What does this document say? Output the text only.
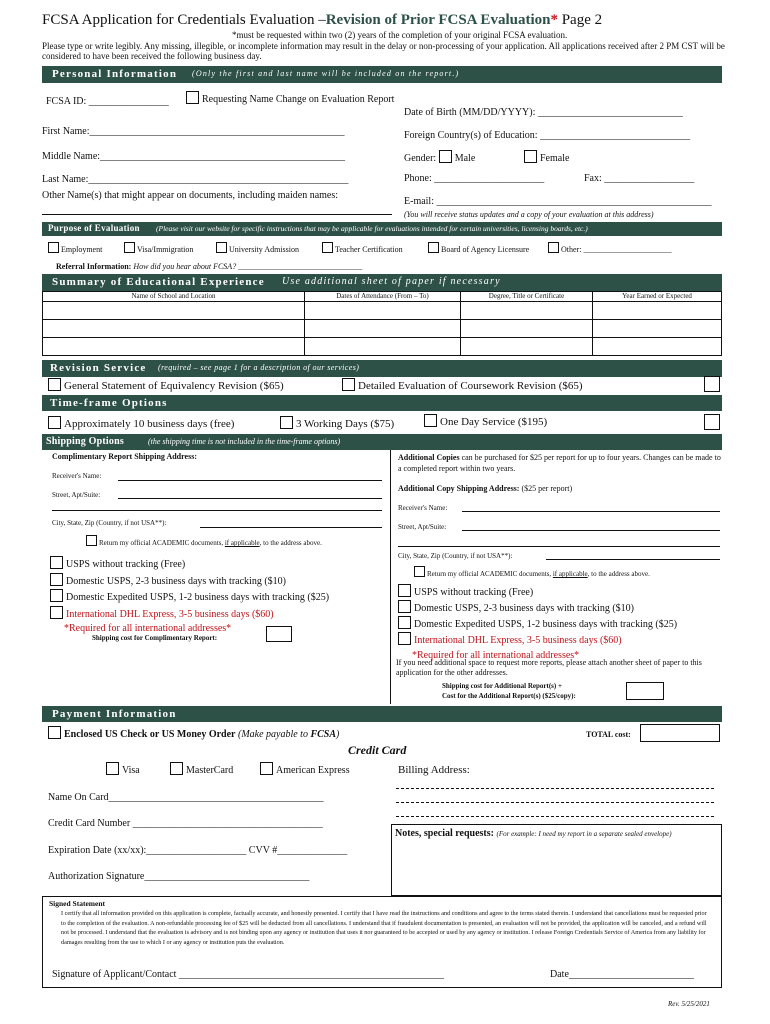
FCSA Application for Credentials Evaluation –Revision of Prior FCSA Evaluation* Page 2
*must be requested within two (2) years of the completion of your original FCSA evaluation.
Please type or write legibly. Any missing, illegible, or incomplete information may result in the delay or non-processing of your application. All applications received after 2 PM CST will be considered to have been received the following business day.
Personal Information (Only the first and last name will be included on the report.)
FCSA ID: ________________	Requesting Name Change on Evaluation Report
Date of Birth (MM/DD/YYYY): _____________________________
First Name:___________________________________________________	Foreign Country(s) of Education: ______________________________
Middle Name:_________________________________________________	Gender: Male	Female
Last Name:____________________________________________________	Phone: ______________________	Fax: __________________
Other Name(s) that might appear on documents, including maiden names:
E-mail: _______________________________________________________
(You will receive status updates and a copy of your evaluation at this address)
Purpose of Evaluation (Please visit our website for specific instructions that may be applicable for evaluations intended for certain universities, licensing boards, etc.)
Employment	Visa/Immigration	University Admission	Teacher Certification	Board of Agency Licensure	Other: ______________________
Referral Information: How did you hear about FCSA? _______________________________
Summary of Educational Experience Use additional sheet of paper if necessary
Name of School and Location	Dates of Attendance (From – To)	Degree, Title or Certificate	Year Earned or Expected

Revision Service (required – see page 1 for a description of our services)
General Statement of Equivalency Revision ($65)	Detailed Evaluation of Coursework Revision ($65)
Time-frame Options
Approximately 10 business days (free)	3 Working Days ($75)	One Day Service ($195)
Shipping Options	(the shipping time is not included in the time-frame options)
Complimentary Report Shipping Address:
Receiver's Name:
Street, Apt/Suite:
City, State, Zip (Country, if not USA**):
Return my official ACADEMIC documents, if applicable, to the address above.
USPS without tracking (Free)
Domestic USPS, 2-3 business days with tracking ($10)
Domestic Expedited USPS, 1-2 business days with tracking ($25)
International DHL Express, 3-5 business days ($60)
*Required for all international addresses*
Shipping cost for Complimentary Report:
Additional Copies can be purchased for $25 per report for up to four years. Changes can be made to a completed report within two years.
Additional Copy Shipping Address: ($25 per report)
Receiver's Name:
Street, Apt/Suite:
City, State, Zip (Country, if not USA**):
Return my official ACADEMIC documents, if applicable, to the address above.
USPS without tracking (Free)
Domestic USPS, 2-3 business days with tracking ($10)
Domestic Expedited USPS, 1-2 business days with tracking ($25)
International DHL Express, 3-5 business days ($60)
*Required for all international addresses*
If you need additional space to request more reports, please attach another sheet of paper to this application for the other addresses.
Shipping cost for Additional Report(s) +
Cost for the Additional Report(s) ($25/copy):
Payment Information
Enclosed US Check or US Money Order (Make payable to FCSA)	TOTAL cost:
Credit Card
Visa	MasterCard	American Express	Billing Address:
Name On Card___________________________________________
Credit Card Number ______________________________________
Expiration Date (xx/xx):____________________ CVV #______________
Authorization Signature_________________________________
Notes, special requests: (For example: I need my report in a separate sealed envelope)
Signed Statement
I certify that all information provided on this application is complete, factually accurate, and honestly presented. I certify that I have read the instructions and conditions and agree to the terms stated therein. I understand that cancellations must be requested prior to the completion of the evaluation. A non-refundable processing fee of $25 will be deducted from all cancellations. I understand that if fraudulent documentation is presented, an evaluation will not be provided, the application will be canceled, and a refund will not be processed. I understand that the evaluation is advisory and is not binding upon any agency or institution that uses it nor guaranteed to be accepted or used by any agency or institution. I release Foreign Credentials Service of America from any liability for damages resulting from the use to which I or any agency or institution puts the evaluation.
Signature of Applicant/Contact _____________________________________________________	Date_________________________
Rev. 5/25/2021
